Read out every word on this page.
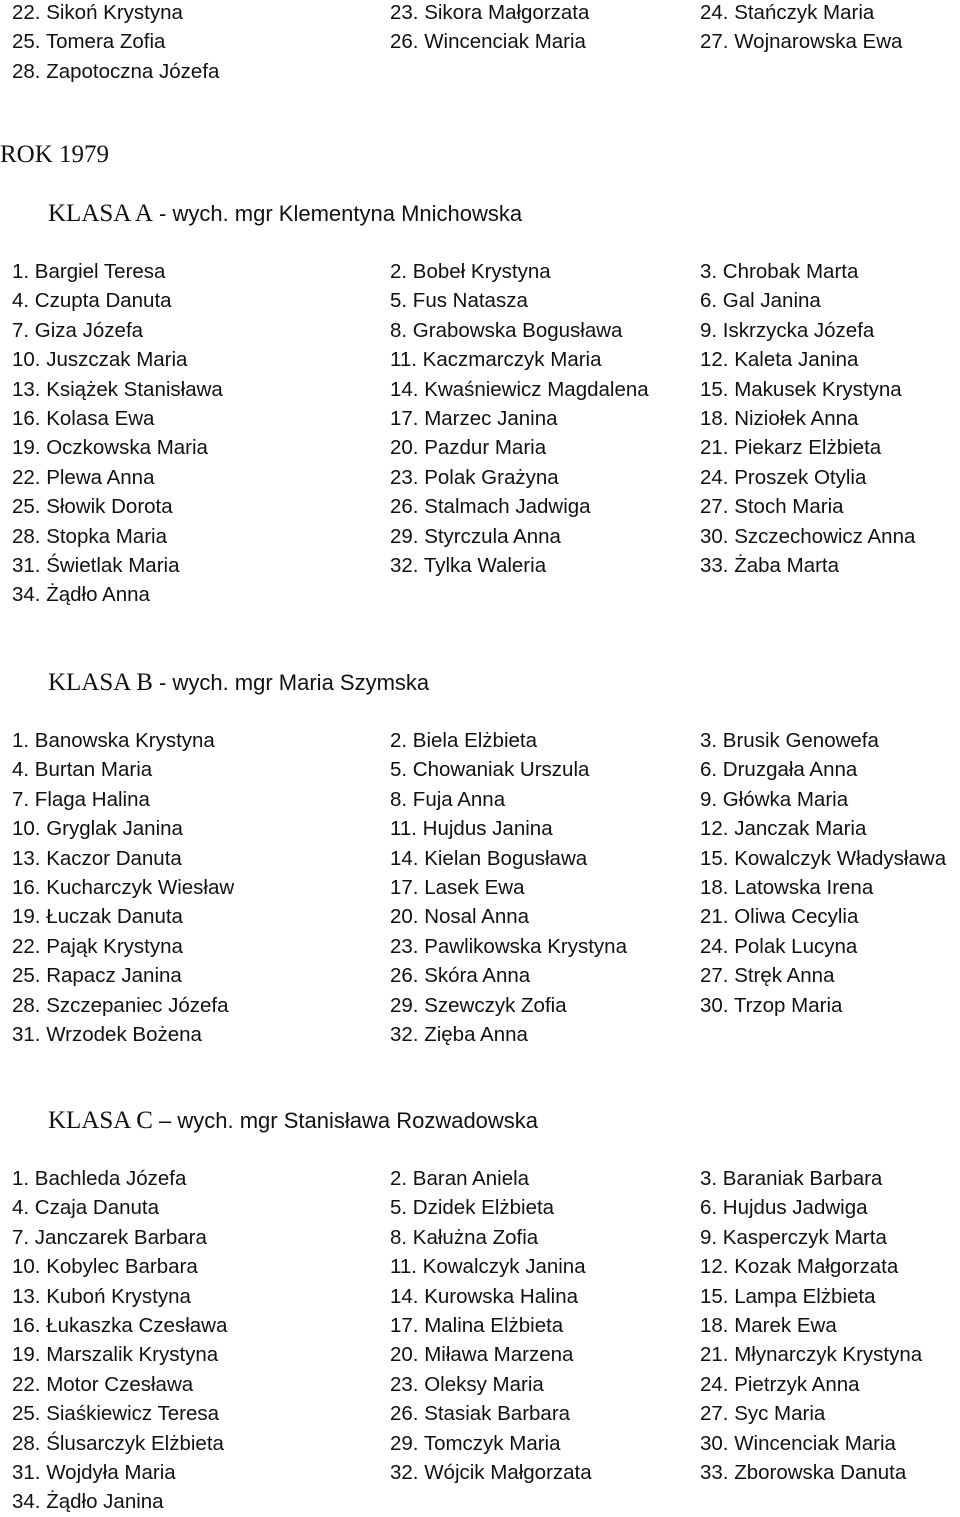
22. Sikoń Krystyna	23. Sikora Małgorzata	24. Stańczyk Maria
25. Tomera Zofia	26. Wincenciak Maria	27. Wojnarowska Ewa
28. Zapotoczna Józefa
ROK 1979
KLASA A - wych. mgr Klementyna Mnichowska
1. Bargiel Teresa	2. Bobeł Krystyna	3. Chrobak Marta
4. Czupta Danuta	5. Fus Natasza	6. Gal Janina
7. Giza Józefa	8. Grabowska Bogusława	9. Iskrzycka Józefa
10. Juszczak Maria	11. Kaczmarczyk Maria	12. Kaleta Janina
13. Książek Stanisława	14. Kwaśniewicz Magdalena	15. Makusek Krystyna
16. Kolasa Ewa	17. Marzec Janina	18. Niziołek Anna
19. Oczkowska Maria	20. Pazdur Maria	21. Piekarz Elżbieta
22. Plewa Anna	23. Polak Grażyna	24. Proszek Otylia
25. Słowik Dorota	26. Stalmach Jadwiga	27. Stoch Maria
28. Stopka Maria	29. Styrczula Anna	30. Szczechowicz Anna
31. Świetlak Maria	32. Tylka Waleria	33. Żaba Marta
34. Żądło Anna
KLASA B - wych. mgr Maria Szymska
1. Banowska Krystyna	2. Biela Elżbieta	3. Brusik Genowefa
4. Burtan Maria	5. Chowaniak Urszula	6. Druzgała Anna
7. Flaga Halina	8. Fuja Anna	9. Główka Maria
10. Gryglak Janina	11. Hujdus Janina	12. Janczak Maria
13. Kaczor Danuta	14. Kielan Bogusława	15. Kowalczyk Władysława
16. Kucharczyk Wiesław	17. Lasek Ewa	18. Latowska Irena
19. Łuczak Danuta	20. Nosal Anna	21. Oliwa Cecylia
22. Pająk Krystyna	23. Pawlikowska Krystyna	24. Polak Lucyna
25. Rapacz Janina	26. Skóra Anna	27. Stręk Anna
28. Szczepaniec Józefa	29. Szewczyk Zofia	30. Trzop Maria
31. Wrzodek Bożena	32. Zięba Anna
KLASA C – wych. mgr Stanisława Rozwadowska
1. Bachleda Józefa	2. Baran Aniela	3. Baraniak Barbara
4. Czaja Danuta	5. Dzidek Elżbieta	6. Hujdus Jadwiga
7. Janczarek Barbara	8. Kałużna Zofia	9. Kasperczyk Marta
10. Kobylec Barbara	11. Kowalczyk Janina	12. Kozak Małgorzata
13. Kuboń Krystyna	14. Kurowska Halina	15. Lampa Elżbieta
16. Łukaszka Czesława	17. Malina Elżbieta	18. Marek Ewa
19. Marszalik Krystyna	20. Miława Marzena	21. Młynarczyk Krystyna
22. Motor Czesława	23. Oleksy Maria	24. Pietrzyk Anna
25. Siaśkiewicz Teresa	26. Stasiak Barbara	27. Syc Maria
28. Ślusarczyk Elżbieta	29. Tomczyk Maria	30. Wincenciak Maria
31. Wojdyła Maria	32. Wójcik Małgorzata	33. Zborowska Danuta
34. Żądło Janina
